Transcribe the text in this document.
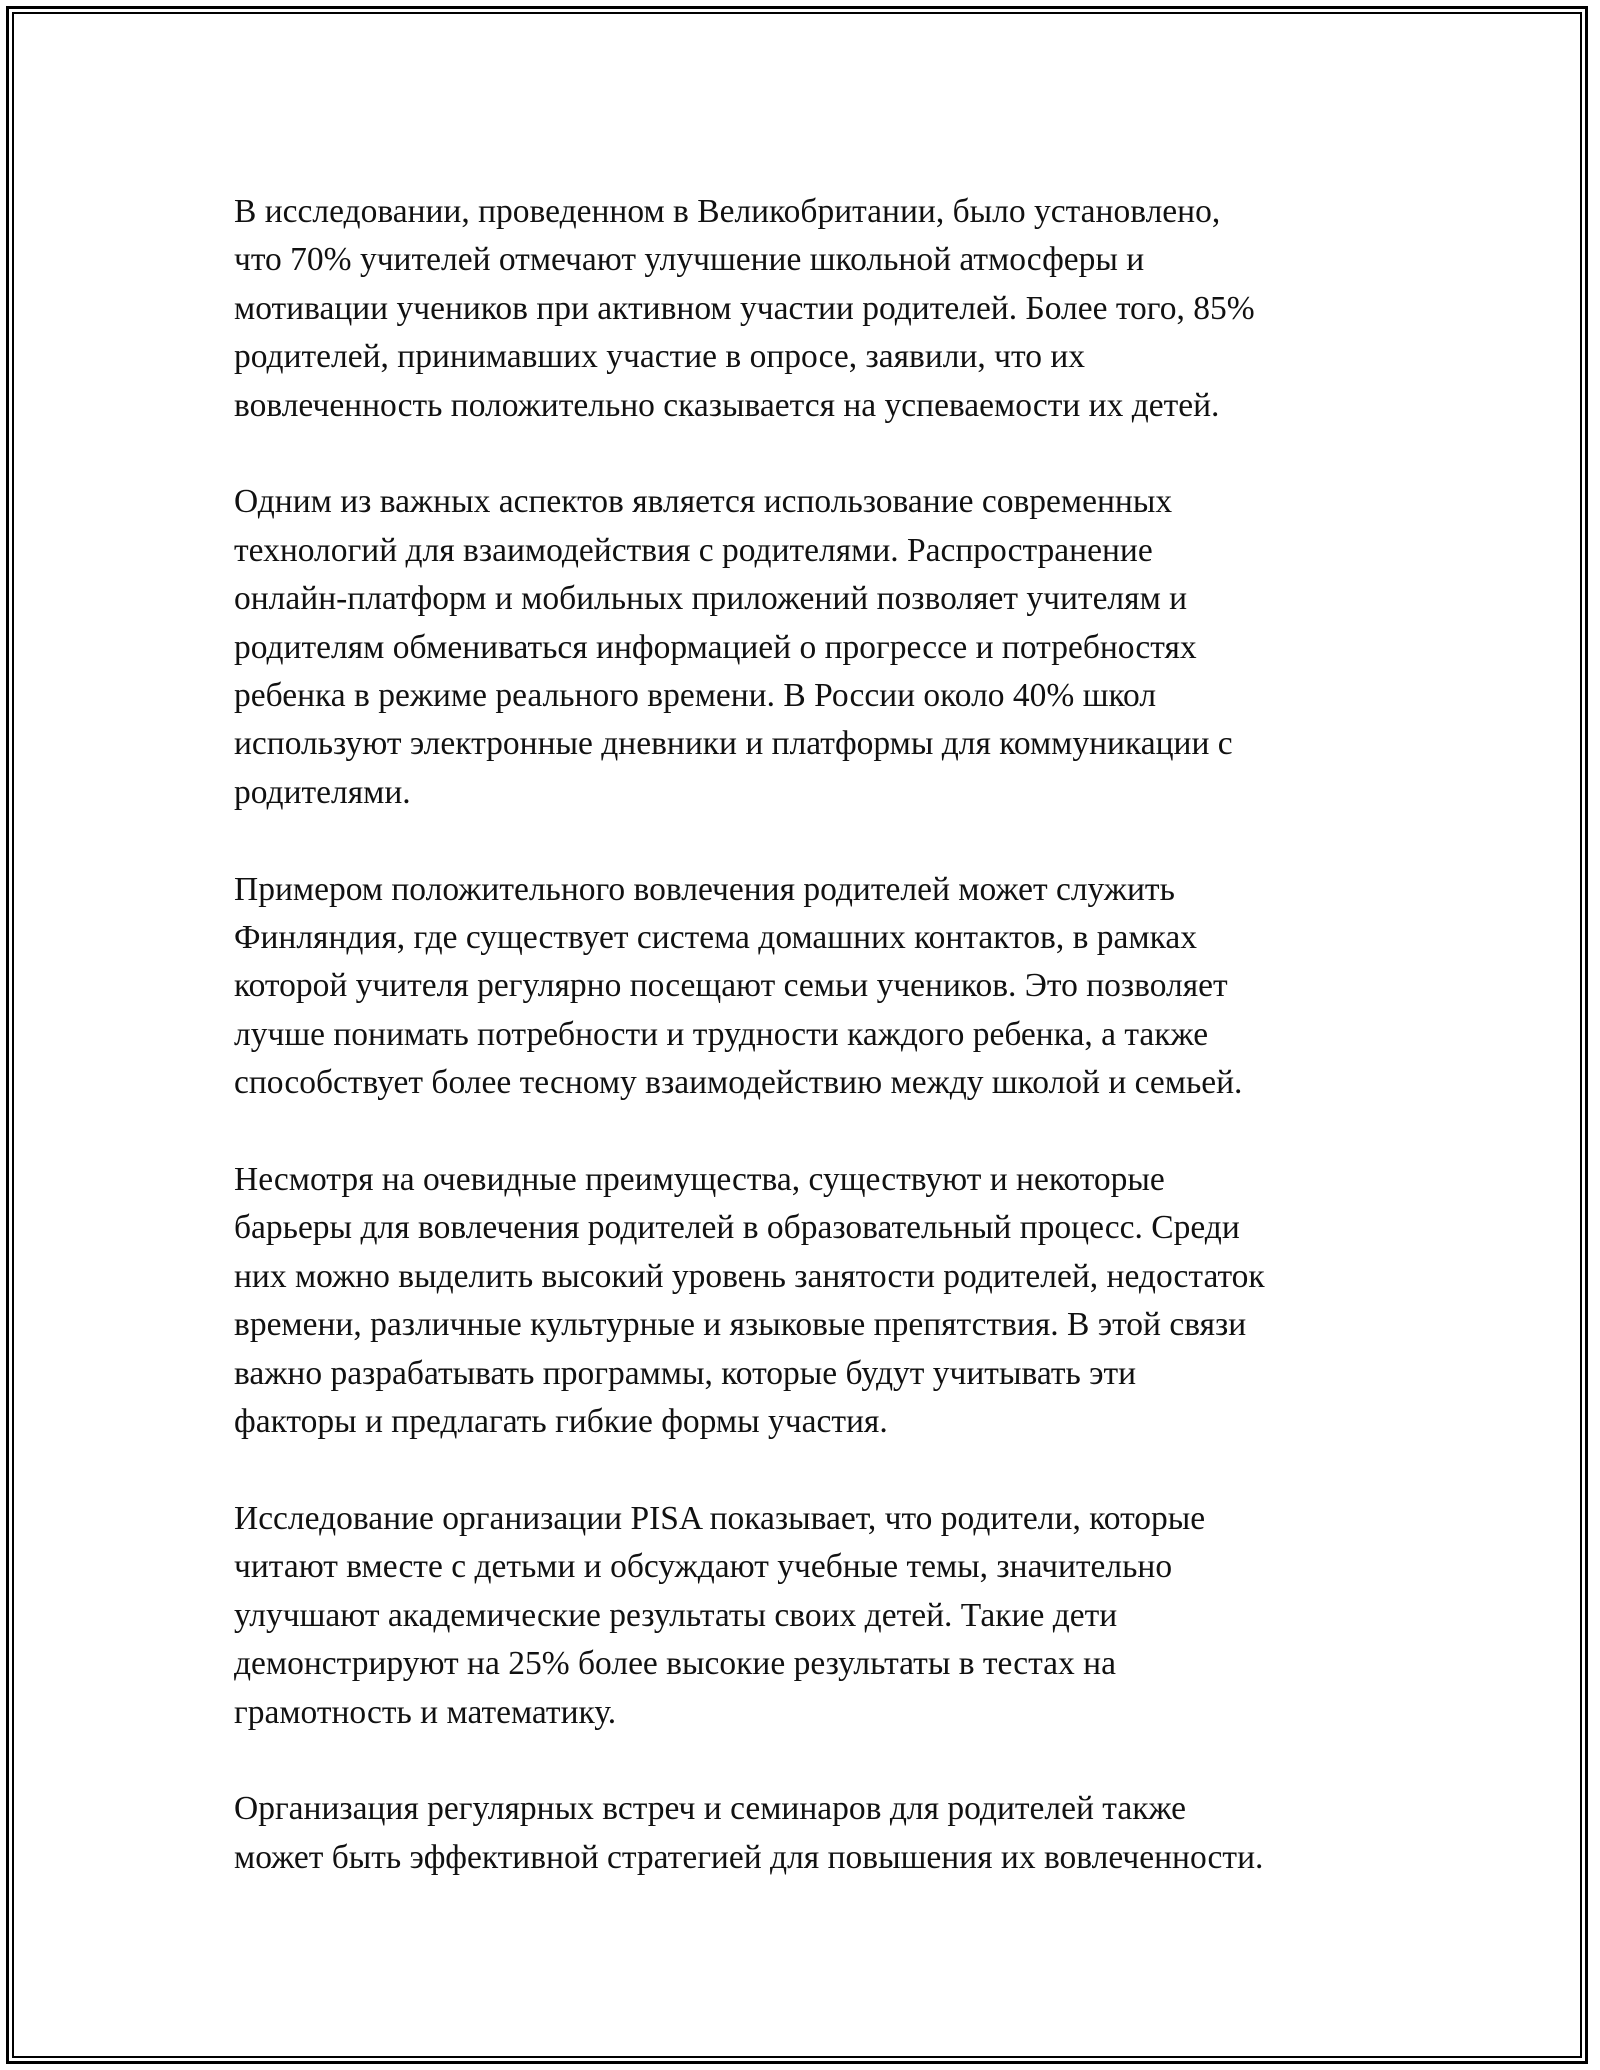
В исследовании, проведенном в Великобритании, было установлено,
что 70% учителей отмечают улучшение школьной атмосферы и
мотивации учеников при активном участии родителей. Более того, 85%
родителей, принимавших участие в опросе, заявили, что их
вовлеченность положительно сказывается на успеваемости их детей.

Одним из важных аспектов является использование современных
технологий для взаимодействия с родителями. Распространение
онлайн-платформ и мобильных приложений позволяет учителям и
родителям обмениваться информацией о прогрессе и потребностях
ребенка в режиме реального времени. В России около 40% школ
используют электронные дневники и платформы для коммуникации с
родителями.

Примером положительного вовлечения родителей может служить
Финляндия, где существует система домашних контактов, в рамках
которой учителя регулярно посещают семьи учеников. Это позволяет
лучше понимать потребности и трудности каждого ребенка, а также
способствует более тесному взаимодействию между школой и семьей.

Несмотря на очевидные преимущества, существуют и некоторые
барьеры для вовлечения родителей в образовательный процесс. Среди
них можно выделить высокий уровень занятости родителей, недостаток
времени, различные культурные и языковые препятствия. В этой связи
важно разрабатывать программы, которые будут учитывать эти
факторы и предлагать гибкие формы участия.

Исследование организации PISA показывает, что родители, которые
читают вместе с детьми и обсуждают учебные темы, значительно
улучшают академические результаты своих детей. Такие дети
демонстрируют на 25% более высокие результаты в тестах на
грамотность и математику.

Организация регулярных встреч и семинаров для родителей также
может быть эффективной стратегией для повышения их вовлеченности.
